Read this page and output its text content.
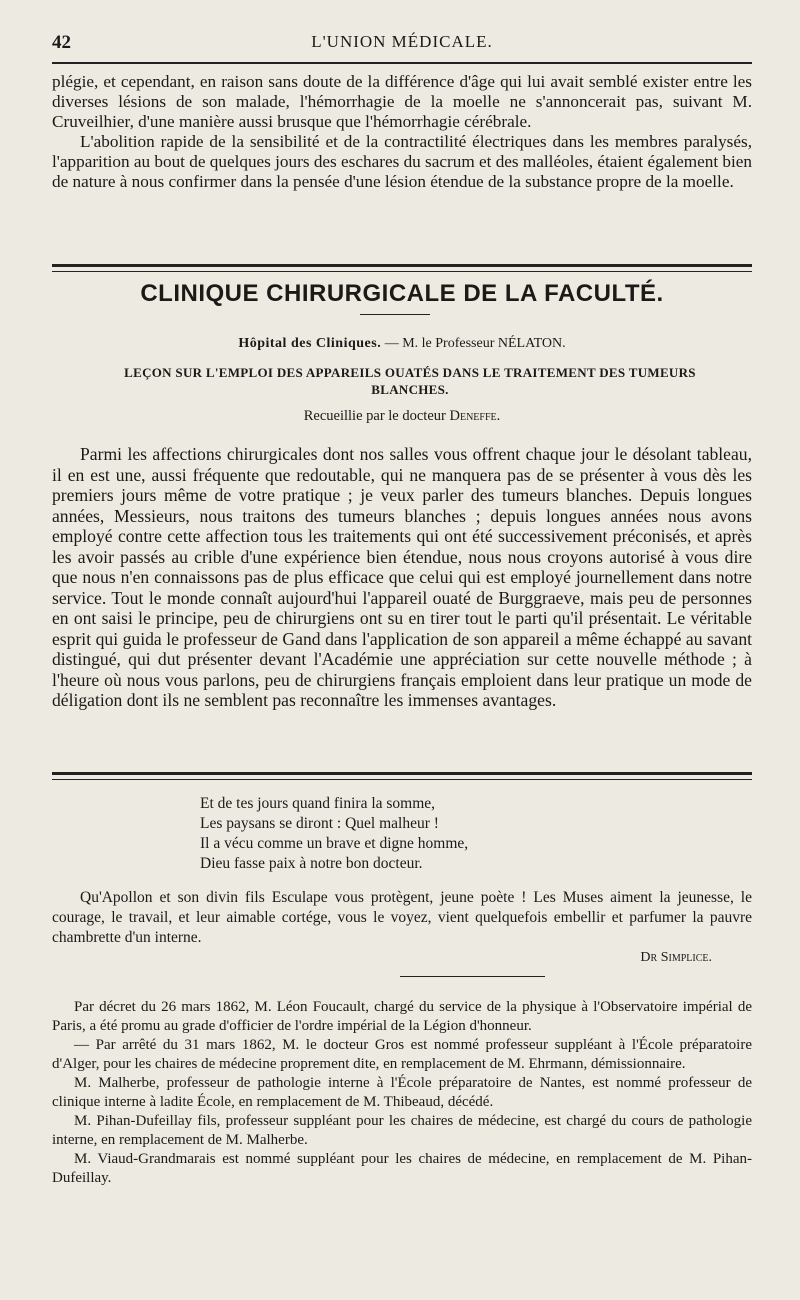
42	L'UNION MÉDICALE.

plégie, et cependant, en raison sans doute de la différence d'âge qui lui avait semblé exister entre les diverses lésions de son malade, l'hémorrhagie de la moelle ne s'annoncerait pas, suivant M. Cruveilhier, d'une manière aussi brusque que l'hémorrhagie cérébrale.

L'abolition rapide de la sensibilité et de la contractilité électriques dans les membres paralysés, l'apparition au bout de quelques jours des eschares du sacrum et des malléoles, étaient également bien de nature à nous confirmer dans la pensée d'une lésion étendue de la substance propre de la moelle.

CLINIQUE CHIRURGICALE DE LA FACULTÉ.
Hôpital des Cliniques. — M. le Professeur NÉLATON.
LEÇON SUR L'EMPLOI DES APPAREILS OUATÉS DANS LE TRAITEMENT DES TUMEURS BLANCHES.
Recueillie par le docteur Deneffe.

Parmi les affections chirurgicales dont nos salles vous offrent chaque jour le désolant tableau, il en est une, aussi fréquente que redoutable, qui ne manquera pas de se présenter à vous dès les premiers jours même de votre pratique ; je veux parler des tumeurs blanches. Depuis longues années, Messieurs, nous traitons des tumeurs blanches ; depuis longues années nous avons employé contre cette affection tous les traitements qui ont été successivement préconisés, et après les avoir passés au crible d'une expérience bien étendue, nous nous croyons autorisé à vous dire que nous n'en connaissons pas de plus efficace que celui qui est employé journellement dans notre service. Tout le monde connaît aujourd'hui l'appareil ouaté de Burggraeve, mais peu de personnes en ont saisi le principe, peu de chirurgiens ont su en tirer tout le parti qu'il présentait. Le véritable esprit qui guida le professeur de Gand dans l'application de son appareil a même échappé au savant distingué, qui dut présenter devant l'Académie une appréciation sur cette nouvelle méthode ; à l'heure où nous vous parlons, peu de chirurgiens français emploient dans leur pratique un mode de déligation dont ils ne semblent pas reconnaître les immenses avantages.

Et de tes jours quand finira la somme,
Les paysans se diront : Quel malheur !
Il a vécu comme un brave et digne homme,
Dieu fasse paix à notre bon docteur.

Qu'Apollon et son divin fils Esculape vous protègent, jeune poète ! Les Muses aiment la jeunesse, le courage, le travail, et leur aimable cortége, vous le voyez, vient quelquefois embellir et parfumer la pauvre chambrette d'un interne.

Dr Simplice.

Par décret du 26 mars 1862, M. Léon Foucault, chargé du service de la physique à l'Observatoire impérial de Paris, a été promu au grade d'officier de l'ordre impérial de la Légion d'honneur.

— Par arrêté du 31 mars 1862, M. le docteur Gros est nommé professeur suppléant à l'École préparatoire d'Alger, pour les chaires de médecine proprement dite, en remplacement de M. Ehrmann, démissionnaire.

M. Malherbe, professeur de pathologie interne à l'École préparatoire de Nantes, est nommé professeur de clinique interne à ladite École, en remplacement de M. Thibeaud, décédé.

M. Pihan-Dufeillay fils, professeur suppléant pour les chaires de médecine, est chargé du cours de pathologie interne, en remplacement de M. Malherbe.

M. Viaud-Grandmarais est nommé suppléant pour les chaires de médecine, en remplacement de M. Pihan-Dufeillay.
